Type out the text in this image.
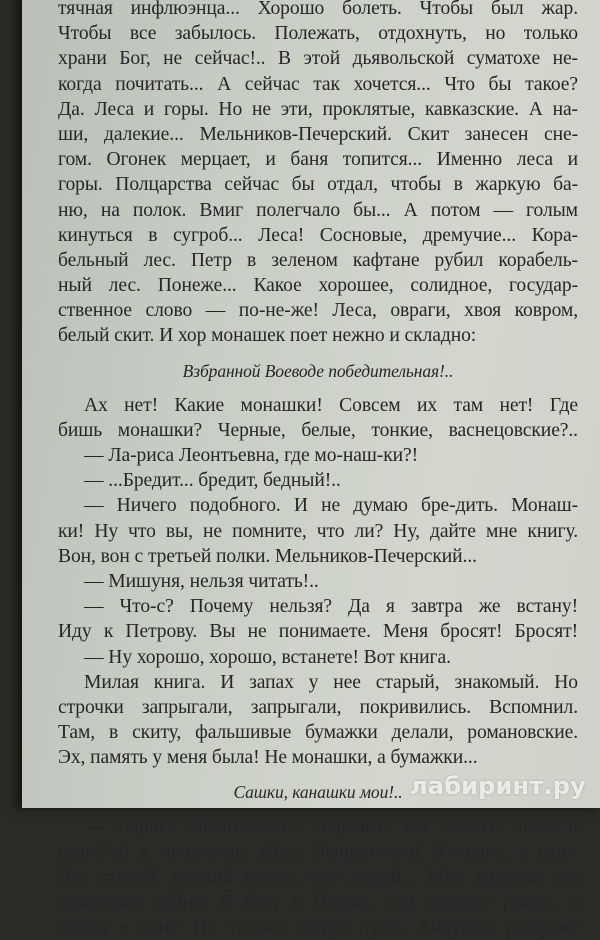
тячная инфлюэнца... Хорошо болеть. Чтобы был жар.
Чтобы все забылось. Полежать, отдохнуть, но только
храни Бог, не сейчас!.. В этой дьявольской суматохе не-
когда почитать... А сейчас так хочется... Что бы такое?
Да. Леса и горы. Но не эти, проклятые, кавказские. А на-
ши, далекие... Мельников-Печерский. Скит занесен сне-
гом. Огонек мерцает, и баня топится... Именно леса и
горы. Полцарства сейчас бы отдал, чтобы в жаркую ба-
ню, на полок. Вмиг полегчало бы... А потом — голым
кинуться в сугроб... Леса! Сосновые, дремучие... Кора-
бельный лес. Петр в зеленом кафтане рубил корабель-
ный лес. Понеже... Какое хорошее, солидное, государ-
ственное слово — по-не-же! Леса, овраги, хвоя ковром,
белый скит. И хор монашек поет нежно и складно:
Взбранной Воеводе победительная!..
Ах нет! Какие монашки! Совсем их там нет! Где
бишь монашки? Черные, белые, тонкие, васнецовские?..
— Ла-риса Леонтьевна, где мо-наш-ки?!
— ...Бредит... бредит, бедный!..
— Ничего подобного. И не думаю бре-дить. Монаш-
ки! Ну что вы, не помните, что ли? Ну, дайте мне книгу.
Вон, вон с третьей полки. Мельников-Печерский...
— Мишуня, нельзя читать!..
— Что-с? Почему нельзя? Да я завтра же встану!
Иду к Петрову. Вы не понимаете. Меня бросят! Бросят!
— Ну хорошо, хорошо, встанете! Вот книга.
Милая книга. И запах у нее старый, знакомый. Но
строчки запрыгали, запрыгали, покривились. Вспомнил.
Там, в скиту, фальшивые бумажки делали, романовские.
Эх, память у меня была! Не монашки, а бумажки...
Сашки, канашки мои!..
— Лариса Леонтьевна... Ларочка! Вы любите леса и
горы? Я в монастырь уйду. Непременно! В глушь, в скит.
Лес стеной, птичий гомон, нет людей... Мне надоела эта
идиотская война! Я бегу в Париж, там напишу роман, а
потом в скит. Но только завтра пусть Аннушка разбудит
лабиринт.ру
